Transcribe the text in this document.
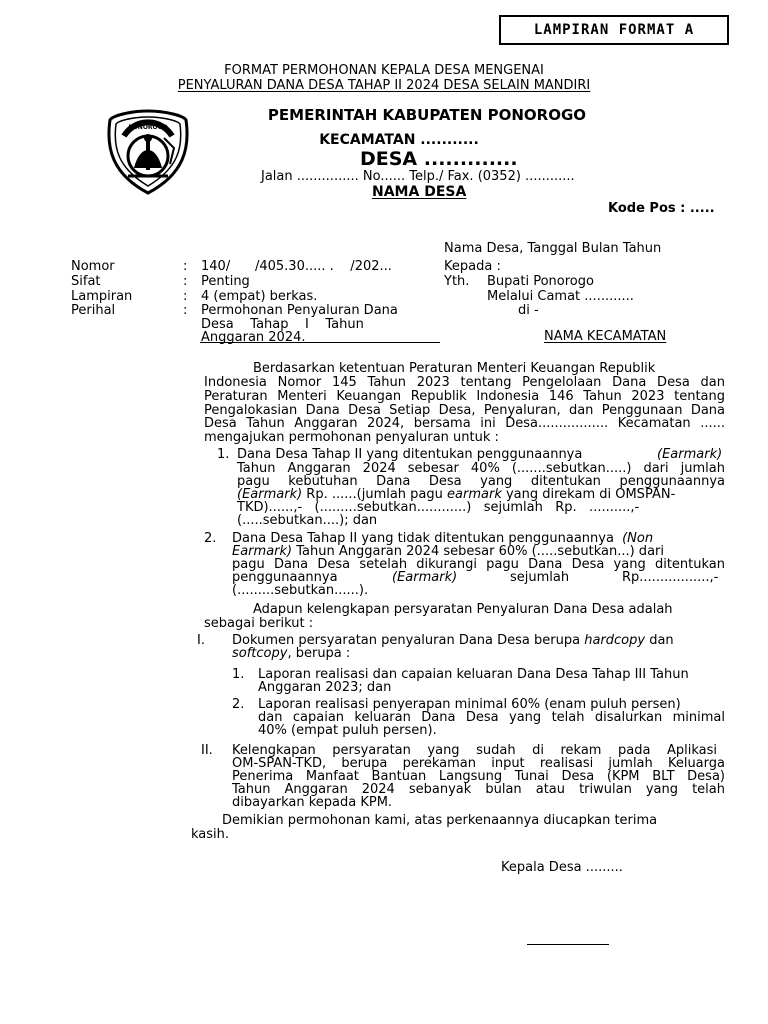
LAMPIRAN FORMAT A
FORMAT PERMOHONAN KEPALA DESA MENGENAI
PENYALURAN DANA DESA TAHAP II 2024 DESA SELAIN MANDIRI
PONOROGO
PEMERINTAH KABUPATEN PONOROGO
KECAMATAN ...........
DESA .............
Jalan ............... No...... Telp./ Fax. (0352) ............
NAMA DESA
Kode Pos : .....
Nama Desa, Tanggal Bulan Tahun
Nomor	: 140/      /405.30..... .    /202...
Sifat	: Penting
Lampiran	: 4 (empat) berkas.
Perihal	: Permohonan Penyaluran Dana
Desa    Tahap    I    Tahun
Anggaran 2024.
Kepada :
Yth. Bupati Ponorogo
Melalui Camat ............
di -
NAMA KECAMATAN
Berdasarkan ketentuan Peraturan Menteri Keuangan Republik
Indonesia Nomor 145 Tahun 2023 tentang Pengelolaan Dana Desa dan
Peraturan Menteri Keuangan Republik Indonesia 146 Tahun 2023 tentang
Pengalokasian Dana Desa Setiap Desa, Penyaluran, dan Penggunaan Dana
Desa Tahun Anggaran 2024, bersama ini Desa................. Kecamatan ......
mengajukan permohonan penyaluran untuk :
1. Dana Desa Tahap II yang ditentukan penggunaannya	(Earmark)
Tahun Anggaran 2024 sebesar 40% (.......sebutkan.....) dari jumlah
pagu kebutuhan Dana Desa yang ditentukan penggunaannya
(Earmark) Rp. ......(jumlah pagu earmark yang direkam di OMSPAN-
TKD)......,-   (.........sebutkan............)   sejumlah   Rp.   ..........,-
(.....sebutkan....); dan
2. Dana Desa Tahap II yang tidak ditentukan penggunaannya (Non
Earmark) Tahun Anggaran 2024 sebesar 60% (.....sebutkan...) dari
pagu Dana Desa setelah dikurangi pagu Dana Desa yang ditentukan
penggunaannya	(Earmark)	sejumlah	Rp.................,-
(.........sebutkan......).
Adapun kelengkapan persyaratan Penyaluran Dana Desa adalah
sebagai berikut :
I. Dokumen persyaratan penyaluran Dana Desa berupa hardcopy dan
softcopy, berupa :
1. Laporan realisasi dan capaian keluaran Dana Desa Tahap III Tahun
Anggaran 2023; dan
2. Laporan realisasi penyerapan minimal 60% (enam puluh persen)
dan capaian keluaran Dana Desa yang telah disalurkan minimal
40% (empat puluh persen).
II. Kelengkapan persyaratan yang sudah di rekam pada Aplikasi
OM-SPAN-TKD, berupa perekaman input realisasi jumlah Keluarga
Penerima Manfaat Bantuan Langsung Tunai Desa (KPM BLT Desa)
Tahun Anggaran 2024 sebanyak bulan atau triwulan yang telah
dibayarkan kepada KPM.
Demikian permohonan kami, atas perkenaannya diucapkan terima
kasih.
Kepala Desa .........
